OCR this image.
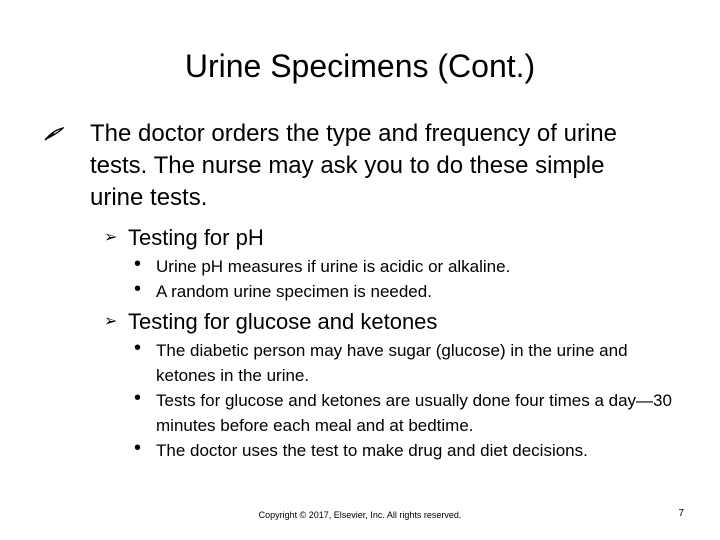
Urine Specimens (Cont.)
The doctor orders the type and frequency of urine tests. The nurse may ask you to do these simple urine tests.
➢ Testing for pH
• Urine pH measures if urine is acidic or alkaline.
• A random urine specimen is needed.
➢ Testing for glucose and ketones
• The diabetic person may have sugar (glucose) in the urine and ketones in the urine.
• Tests for glucose and ketones are usually done four times a day—30 minutes before each meal and at bedtime.
• The doctor uses the test to make drug and diet decisions.
Copyright © 2017, Elsevier, Inc. All rights reserved.	7
